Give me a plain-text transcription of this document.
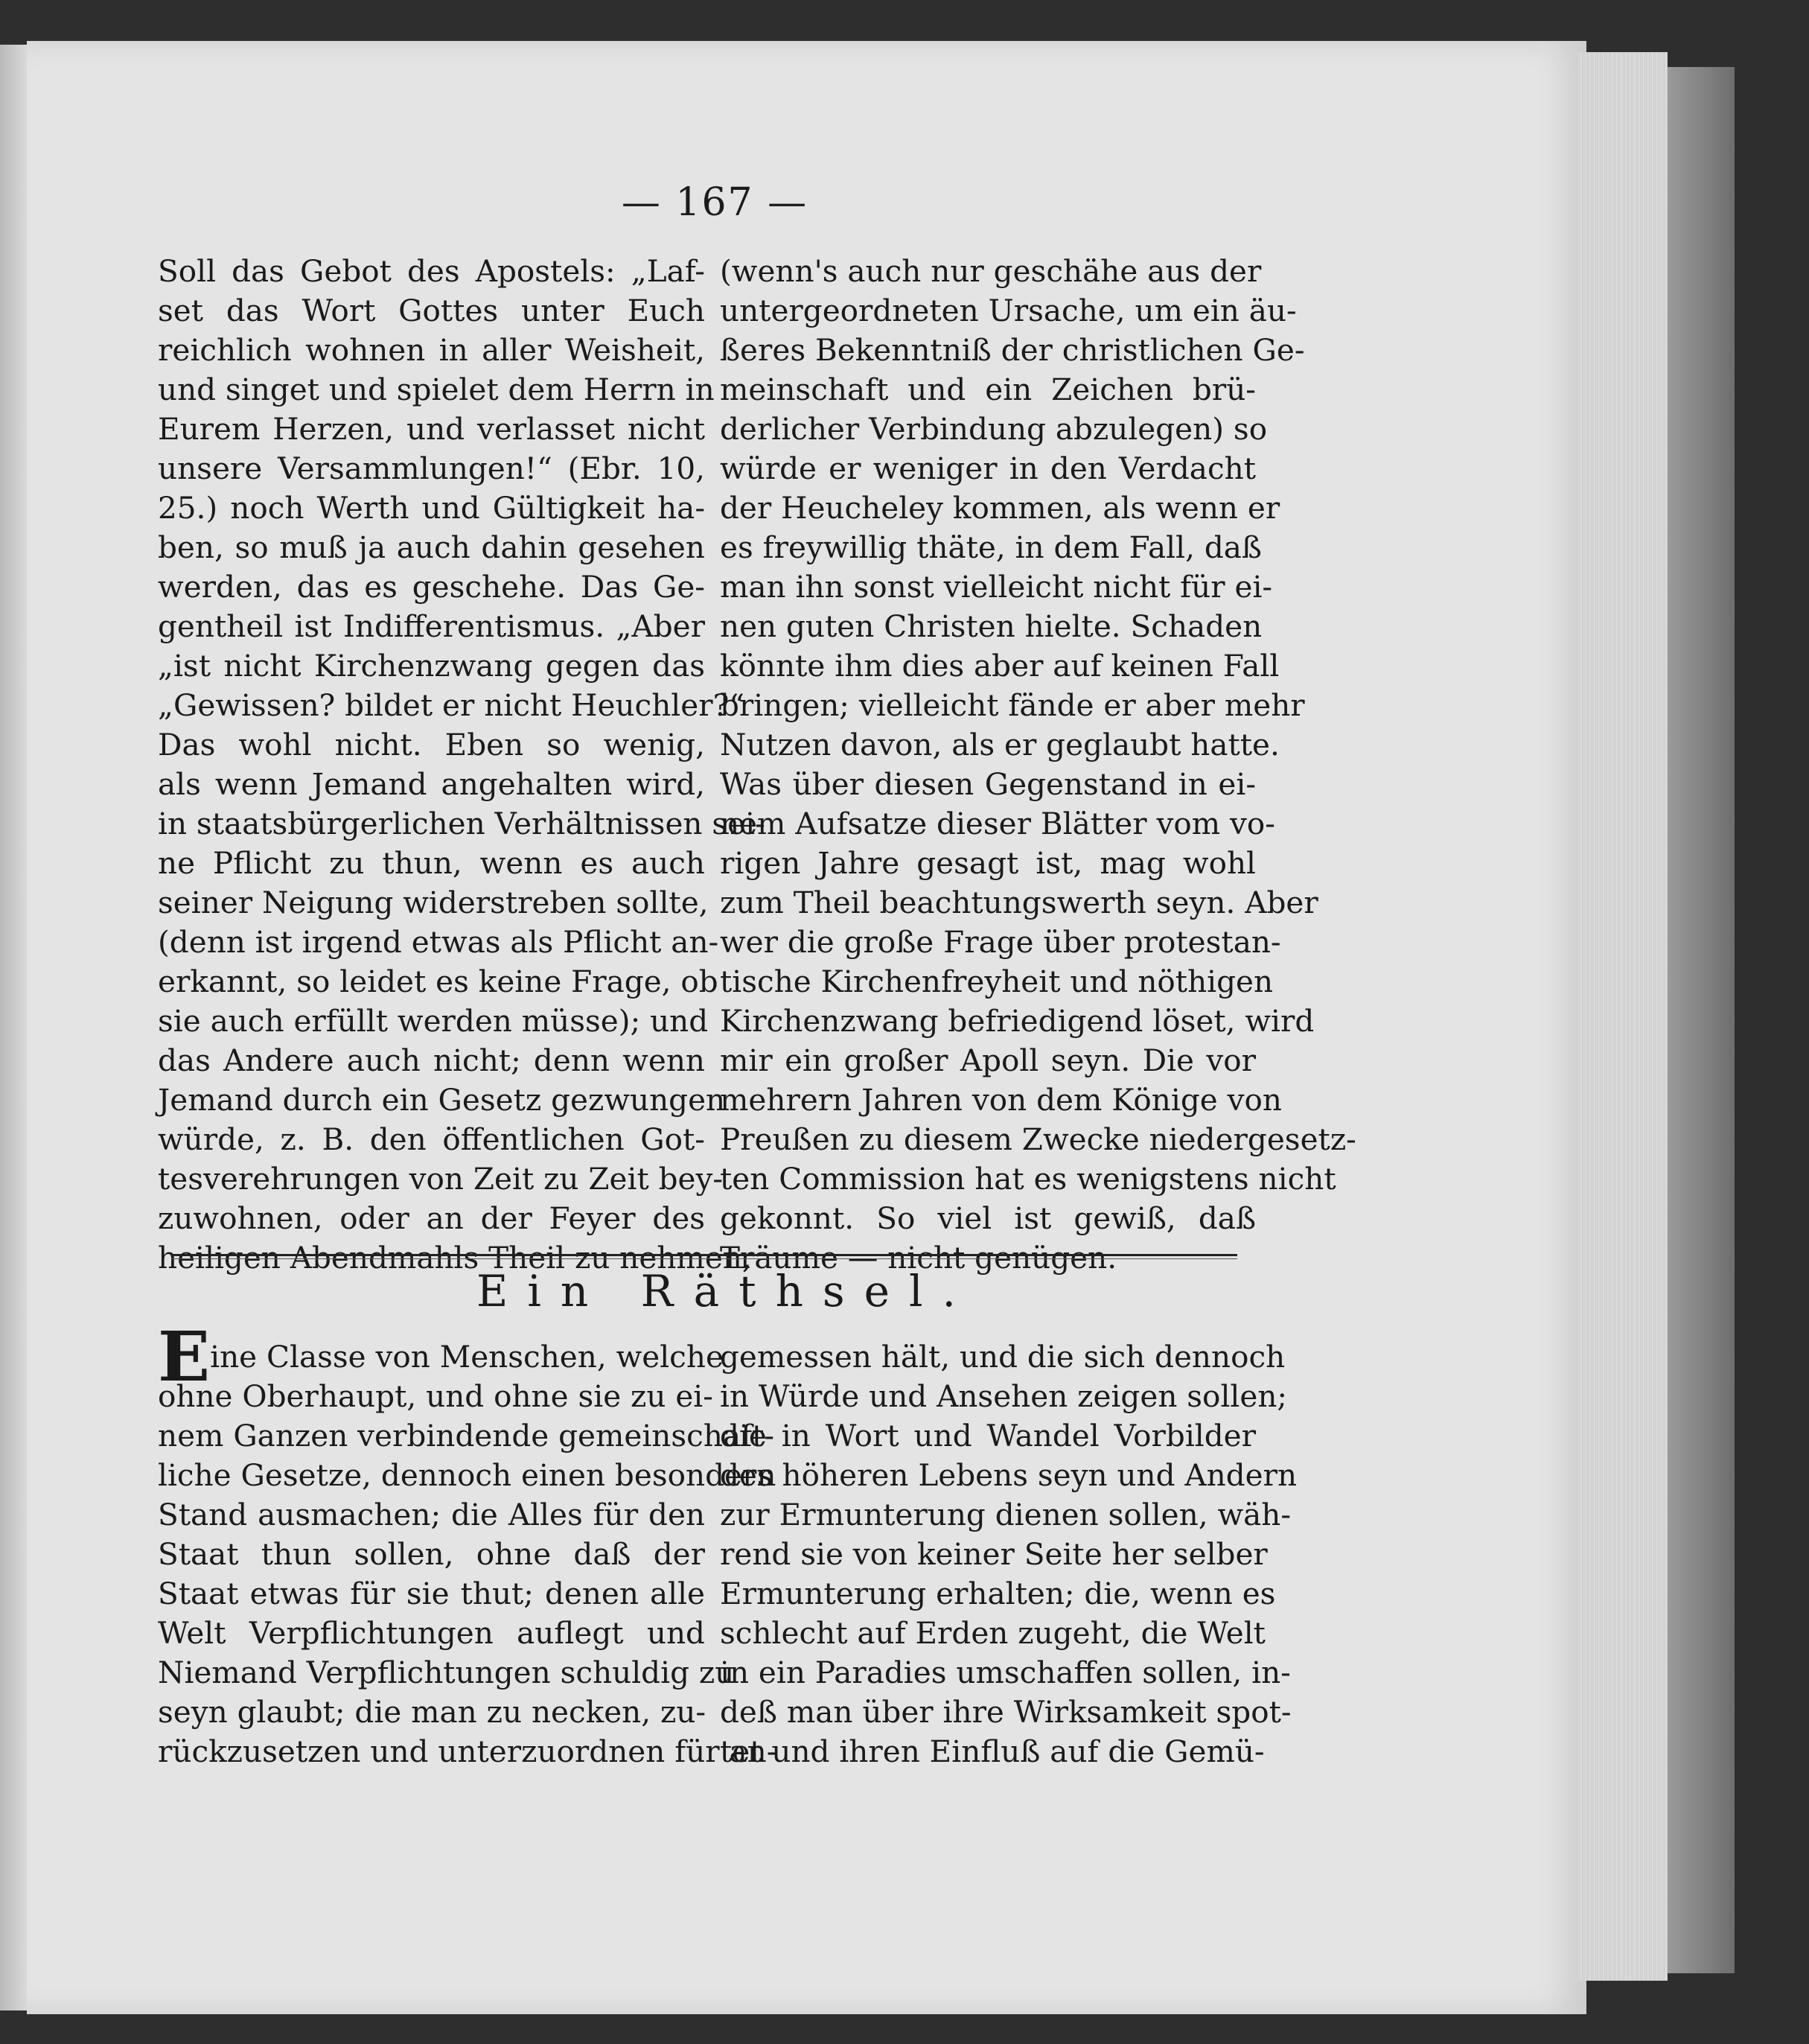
— 167 —
Soll das Gebot des Apostels: „Laf-
set das Wort Gottes unter Euch
reichlich wohnen in aller Weisheit,
und singet und spielet dem Herrn in
Eurem Herzen, und verlasset nicht
unsere Versammlungen!“ (Ebr. 10,
25.) noch Werth und Gültigkeit ha-
ben, so muß ja auch dahin gesehen
werden, das es geschehe. Das Ge-
gentheil ist Indifferentismus. „Aber
„ist nicht Kirchenzwang gegen das
„Gewissen? bildet er nicht Heuchler?“
Das wohl nicht. Eben so wenig,
als wenn Jemand angehalten wird,
in staatsbürgerlichen Verhältnissen sei-
ne Pflicht zu thun, wenn es auch
seiner Neigung widerstreben sollte,
(denn ist irgend etwas als Pflicht an-
erkannt, so leidet es keine Frage, ob
sie auch erfüllt werden müsse); und
das Andere auch nicht; denn wenn
Jemand durch ein Gesetz gezwungen
würde, z. B. den öffentlichen Got-
tesverehrungen von Zeit zu Zeit bey-
zuwohnen, oder an der Feyer des
heiligen Abendmahls Theil zu nehmen,
(wenn's auch nur geschähe aus der
untergeordneten Ursache, um ein äu-
ßeres Bekenntniß der christlichen Ge-
meinschaft und ein Zeichen brü-
derlicher Verbindung abzulegen) so
würde er weniger in den Verdacht
der Heucheley kommen, als wenn er
es freywillig thäte, in dem Fall, daß
man ihn sonst vielleicht nicht für ei-
nen guten Christen hielte. Schaden
könnte ihm dies aber auf keinen Fall
bringen; vielleicht fände er aber mehr
Nutzen davon, als er geglaubt hatte.
Was über diesen Gegenstand in ei-
nem Aufsatze dieser Blätter vom vo-
rigen Jahre gesagt ist, mag wohl
zum Theil beachtungswerth seyn. Aber
wer die große Frage über protestan-
tische Kirchenfreyheit und nöthigen
Kirchenzwang befriedigend löset, wird
mir ein großer Apoll seyn. Die vor
mehrern Jahren von dem Könige von
Preußen zu diesem Zwecke niedergesetz-
ten Commission hat es wenigstens nicht
gekonnt. So viel ist gewiß, daß
Träume — nicht genügen.
Ein Räthsel.
Eine Classe von Menschen, welche
ohne Oberhaupt, und ohne sie zu ei-
nem Ganzen verbindende gemeinschaft-
liche Gesetze, dennoch einen besondern
Stand ausmachen; die Alles für den
Staat thun sollen, ohne daß der
Staat etwas für sie thut; denen alle
Welt Verpflichtungen auflegt und
Niemand Verpflichtungen schuldig zu
seyn glaubt; die man zu necken, zu-
rückzusetzen und unterzuordnen für an-
gemessen hält, und die sich dennoch
in Würde und Ansehen zeigen sollen;
die in Wort und Wandel Vorbilder
des höheren Lebens seyn und Andern
zur Ermunterung dienen sollen, wäh-
rend sie von keiner Seite her selber
Ermunterung erhalten; die, wenn es
schlecht auf Erden zugeht, die Welt
in ein Paradies umschaffen sollen, in-
deß man über ihre Wirksamkeit spot-
tet und ihren Einfluß auf die Gemü-
